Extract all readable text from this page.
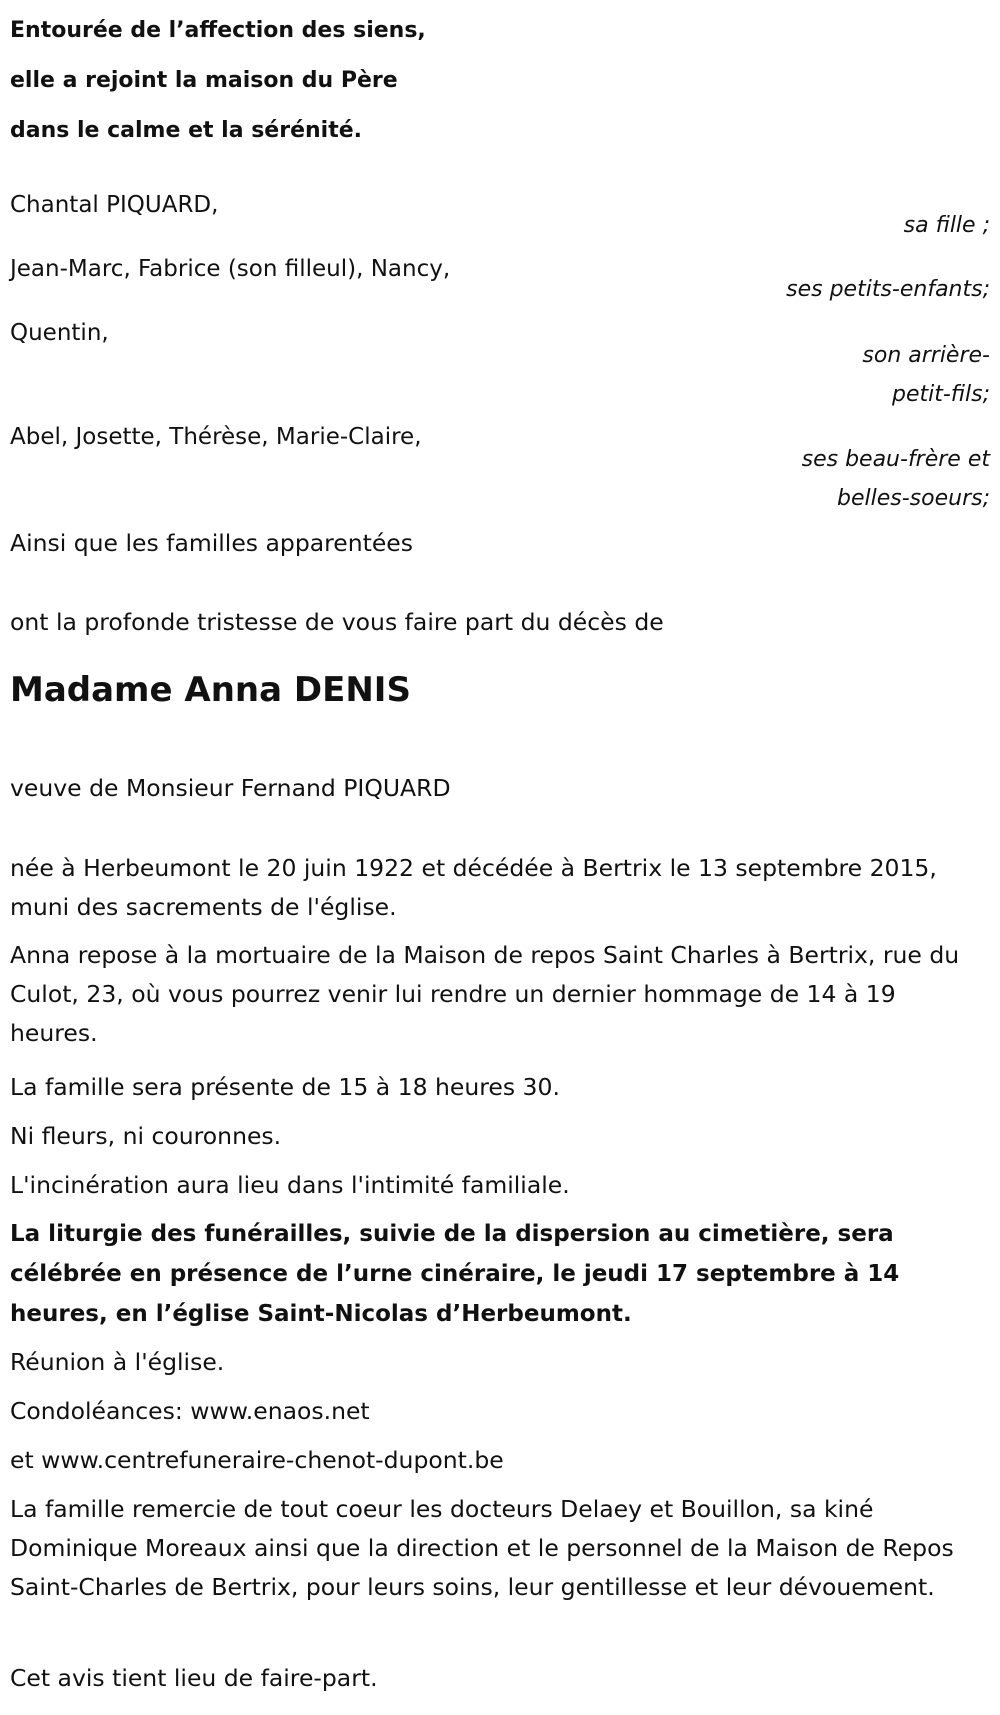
Entourée de l’affection des siens,
elle a rejoint la maison du Père
dans le calme et la sérénité.
Chantal PIQUARD,
sa fille ;
Jean-Marc, Fabrice (son filleul), Nancy,
ses petits-enfants;
Quentin,
son arrière-
petit-fils;
Abel, Josette, Thérèse, Marie-Claire,
ses beau-frère et
belles-soeurs;

Ainsi que les familles apparentées

ont la profonde tristesse de vous faire part du décès de

Madame Anna DENIS

veuve de Monsieur Fernand PIQUARD

née à Herbeumont le 20 juin 1922 et décédée à Bertrix le 13 septembre 2015, muni des sacrements de l'église.

Anna repose à la mortuaire de la Maison de repos Saint Charles à Bertrix, rue du Culot, 23, où vous pourrez venir lui rendre un dernier hommage de 14 à 19 heures.

La famille sera présente de 15 à 18 heures 30.

Ni fleurs, ni couronnes.

L'incinération aura lieu dans l'intimité familiale.

La liturgie des funérailles, suivie de la dispersion au cimetière, sera célébrée en présence de l’urne cinéraire, le jeudi 17 septembre à 14 heures, en l’église Saint-Nicolas d’Herbeumont.

Réunion à l'église.

Condoléances: www.enaos.net

et www.centrefuneraire-chenot-dupont.be

La famille remercie de tout coeur les docteurs Delaey et Bouillon, sa kiné Dominique Moreaux ainsi que la direction et le personnel de la Maison de Repos Saint-Charles de Bertrix, pour leurs soins, leur gentillesse et leur dévouement.

Cet avis tient lieu de faire-part.
